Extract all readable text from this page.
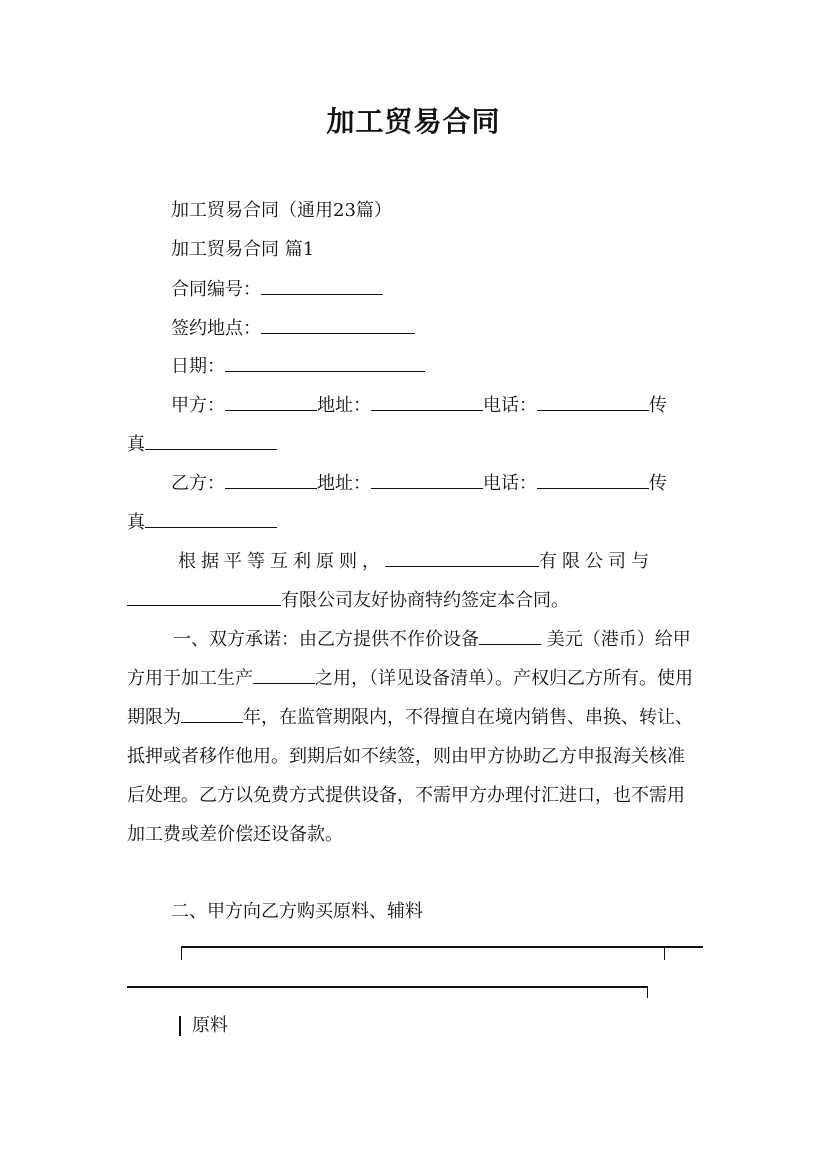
加工贸易合同
加工贸易合同（通用23篇）
加工贸易合同 篇1
合同编号：
签约地点：
日期：
甲方：	地址：	电话：	传
真
乙方：	地址：	电话：	传
真
根据平等互利原则，	有限公司与
有限公司友好协商特约签定本合同。

一、双方承诺：由乙方提供不作价设备	美元（港币）给甲方用于加工生产	之用，（详见设备清单）。产权归乙方所有。使用期限为	年，在监管期限内，不得擅自在境内销售、串换、转让、抵押或者移作他用。到期后如不续签，则由甲方协助乙方申报海关核准后处理。乙方以免费方式提供设备，不需甲方办理付汇进口，也不需用加工费或差价偿还设备款。

二、甲方向乙方购买原料、辅料
原料
